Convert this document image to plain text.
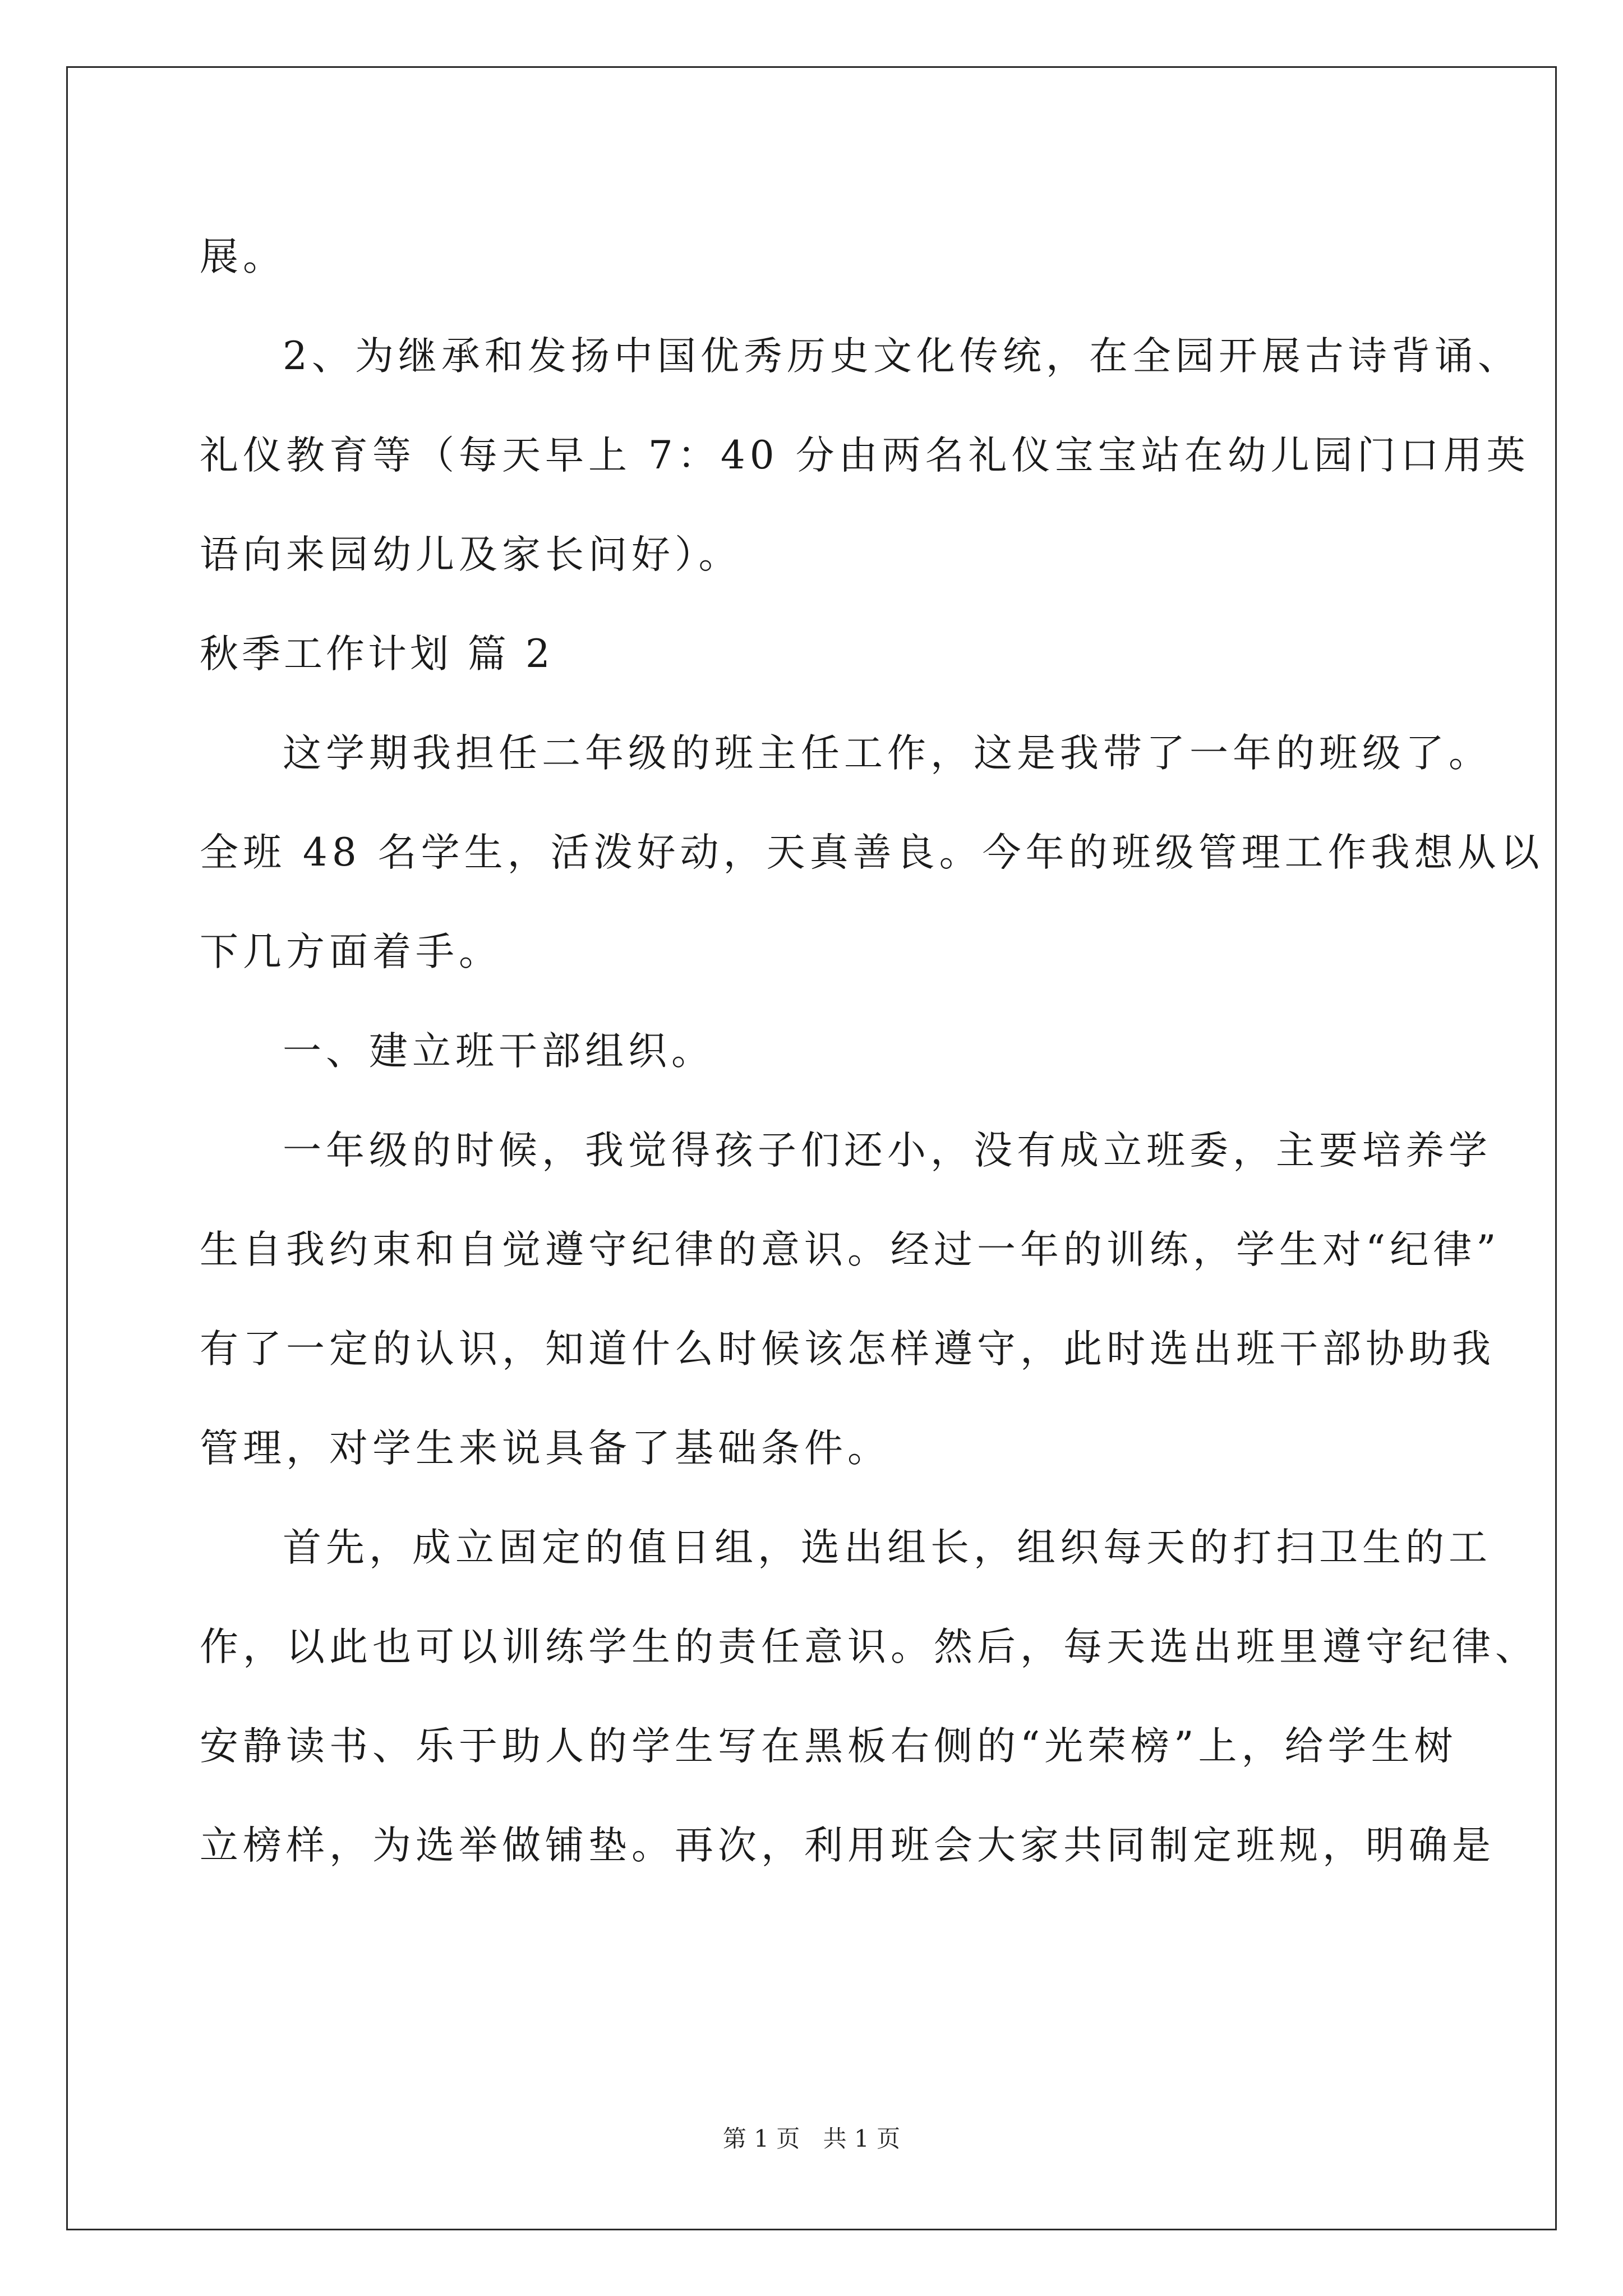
展。
2、为继承和发扬中国优秀历史文化传统，在全园开展古诗背诵、
礼仪教育等（每天早上 7：40 分由两名礼仪宝宝站在幼儿园门口用英
语向来园幼儿及家长问好）。
秋季工作计划 篇 2
这学期我担任二年级的班主任工作，这是我带了一年的班级了。
全班 48 名学生，活泼好动，天真善良。今年的班级管理工作我想从以
下几方面着手。
一、建立班干部组织。
一年级的时候，我觉得孩子们还小，没有成立班委，主要培养学
生自我约束和自觉遵守纪律的意识。经过一年的训练，学生对“纪律”
有了一定的认识，知道什么时候该怎样遵守，此时选出班干部协助我
管理，对学生来说具备了基础条件。
首先，成立固定的值日组，选出组长，组织每天的打扫卫生的工
作，以此也可以训练学生的责任意识。然后，每天选出班里遵守纪律、
安静读书、乐于助人的学生写在黑板右侧的“光荣榜”上，给学生树
立榜样，为选举做铺垫。再次，利用班会大家共同制定班规，明确是
第 1 页 共 1 页
